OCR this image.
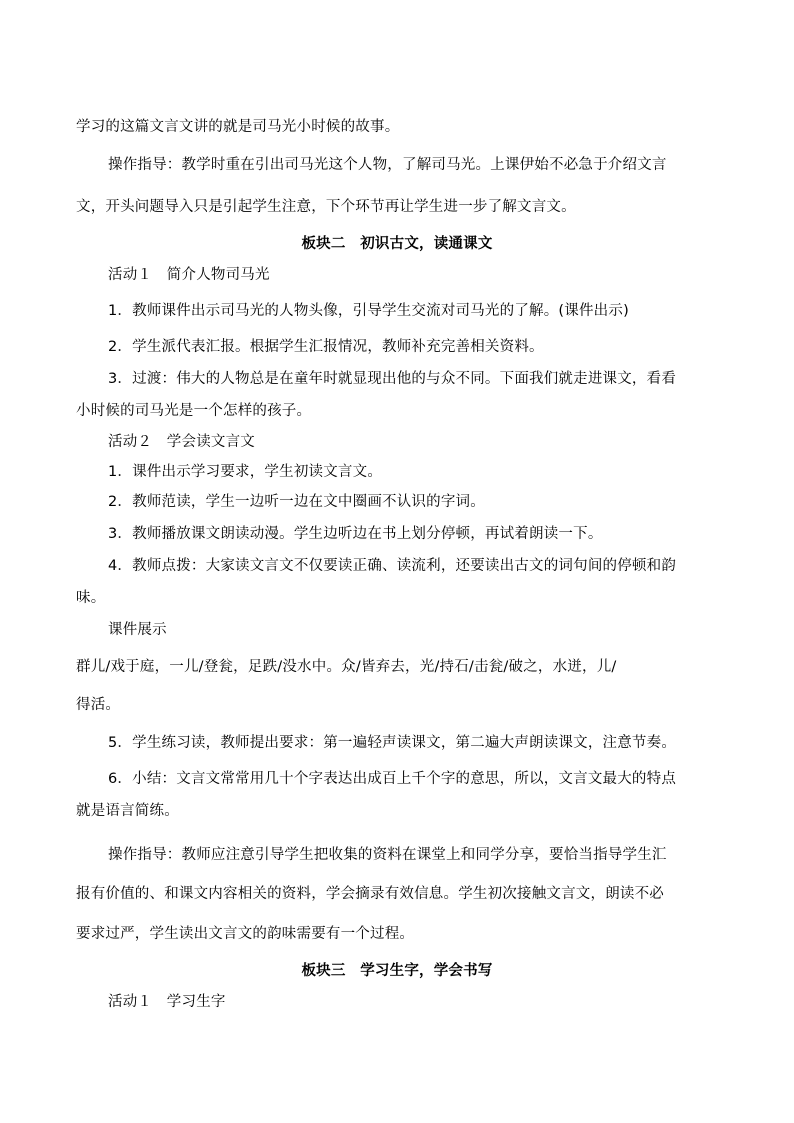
学习的这篇文言文讲的就是司马光小时候的故事。
操作指导：教学时重在引出司马光这个人物，了解司马光。上课伊始不必急于介绍文言
文，开头问题导入只是引起学生注意，下个环节再让学生进一步了解文言文。
板块二　初识古文，读通课文
活动１　简介人物司马光
1．教师课件出示司马光的人物头像，引导学生交流对司马光的了解。(课件出示)
2．学生派代表汇报。根据学生汇报情况，教师补充完善相关资料。
3．过渡：伟大的人物总是在童年时就显现出他的与众不同。下面我们就走进课文，看看
小时候的司马光是一个怎样的孩子。
活动２　学会读文言文
1．课件出示学习要求，学生初读文言文。
2．教师范读，学生一边听一边在文中圈画不认识的字词。
3．教师播放课文朗读动漫。学生边听边在书上划分停顿，再试着朗读一下。
4．教师点拨：大家读文言文不仅要读正确、读流利，还要读出古文的词句间的停顿和韵
味。
课件展示
群儿/戏于庭，一儿/登瓮，足跌/没水中。众/皆弃去，光/持石/击瓮/破之，水迸，儿/
得活。
5．学生练习读，教师提出要求：第一遍轻声读课文，第二遍大声朗读课文，注意节奏。
6．小结：文言文常常用几十个字表达出成百上千个字的意思，所以，文言文最大的特点
就是语言简练。
操作指导：教师应注意引导学生把收集的资料在课堂上和同学分享，要恰当指导学生汇
报有价值的、和课文内容相关的资料，学会摘录有效信息。学生初次接触文言文，朗读不必
要求过严，学生读出文言文的韵味需要有一个过程。
板块三　学习生字，学会书写
活动１　学习生字
